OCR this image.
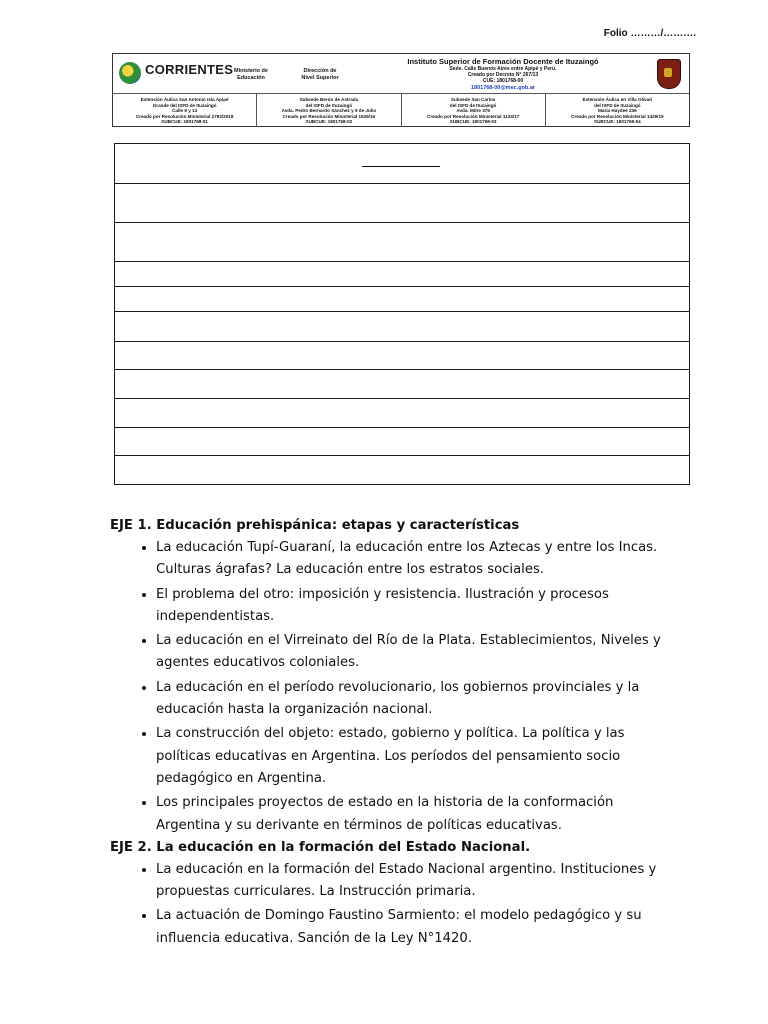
Folio ………/……….
CORRIENTES Ministerio de
Educación
Dirección de
Nivel Superior
Instituto Superior de Formación Docente de Ituzaingó
Sede. Calle Buenos Aires entre Apipé y Perú.
Creado por Decreto N° 267/13
CUE: 1801768-00
1801768-00@mec.gob.ar
Extensión Áulica San Antonio Isla Apipé
Grande del ISFD de Ituzaingó
Calle 9 y 13
Creado por Resolución Ministerial 2782/2018
SUBCUE: 1801768-01
Subsede Berón de Astrada
del ISFD de Ituzaingó
Avda. Pedro Bernardo Sánchez y 9 de Julio
Creado por Resolución Ministerial 1525/16
SUBCUE: 1801768-02
Subsede San Carlos
del ISFD de Ituzaingó
Avda. Mitre 376
Creado por Resolución Ministerial 1133/17
SUBCUE: 1801768-03
Extensión Áulica en Villa Olivari
del ISFD de Ituzaingó
María Haydeé 236
Creado por Resolución Ministerial 1429/19
SUBCUE: 1801768-04

EJE 1. Educación prehispánica: etapas y características

• La educación Tupí-Guaraní, la educación entre los Aztecas y entre los Incas. Culturas ágrafas? La educación entre los estratos sociales.
• El problema del otro: imposición y resistencia. Ilustración y procesos independentistas.
• La educación en el Virreinato del Río de la Plata. Establecimientos, Niveles y agentes educativos coloniales.
• La educación en el período revolucionario, los gobiernos provinciales y la educación hasta la organización nacional.
• La construcción del objeto: estado, gobierno y política. La política y las políticas educativas en Argentina. Los períodos del pensamiento socio pedagógico en Argentina.
• Los principales proyectos de estado en la historia de la conformación Argentina y su derivante en términos de políticas educativas.

EJE 2. La educación en la formación del Estado Nacional.

• La educación en la formación del Estado Nacional argentino. Instituciones y propuestas curriculares. La Instrucción primaria.
• La actuación de Domingo Faustino Sarmiento: el modelo pedagógico y su influencia educativa. Sanción de la Ley N°1420.
